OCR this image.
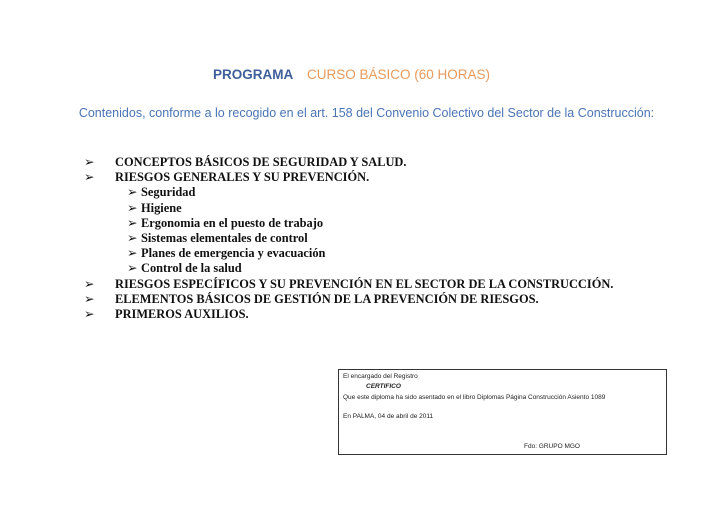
PROGRAMA CURSO BÁSICO (60 HORAS)
Contenidos, conforme a lo recogido en el art. 158 del Convenio Colectivo del Sector de la Construcción:
➢ CONCEPTOS BÁSICOS DE SEGURIDAD Y SALUD.
➢ RIESGOS GENERALES Y SU PREVENCIÓN.
➢ Seguridad
➢ Higiene
➢ Ergonomia en el puesto de trabajo
➢ Sistemas elementales de control
➢ Planes de emergencia y evacuación
➢ Control de la salud
➢ RIESGOS ESPECÍFICOS Y SU PREVENCIÓN EN EL SECTOR DE LA CONSTRUCCIÓN.
➢ ELEMENTOS BÁSICOS DE GESTIÓN DE LA PREVENCIÓN DE RIESGOS.
➢ PRIMEROS AUXILIOS.
El encargado del Registro
CERTIFICO
Que este diploma ha sido asentado en el libro Diplomas Página Construcción Asiento 1089
En PALMA, 04 de abril de 2011
Fdo: GRUPO MGO
